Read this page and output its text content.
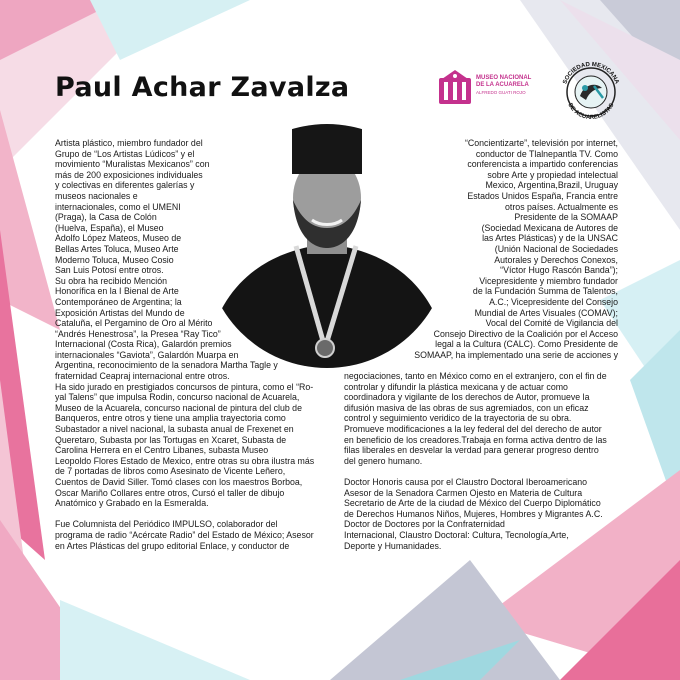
Paul Achar Zavalza	MUSEO NACIONAL
DE LA ACUARELA
ALFREDO GUATI ROJO
SOCIEDAD MEXICANA
DE ACUARELISTAS

Artista plástico, miembro fundador del

Grupo de “Los Artistas Lúdicos” y el

movimiento “Muralistas Mexicanos” con

más de 200 exposiciones individuales

y colectivas en diferentes galerías y

museos nacionales e

internacionales, como el UMENI

(Praga), la Casa de Colón

(Huelva, España), el Museo

Adolfo López Mateos, Museo de

Bellas Artes Toluca, Museo Arte

Moderno Toluca, Museo Cosio

San Luis Potosí entre otros.

Su obra ha recibido Mención

Honorífica en la I Bienal de Arte

Contemporáneo de Argentina; la

Exposición Artistas del Mundo de

Cataluña, el Pergamino de Oro al Mérito

“Andrés Henestrosa”, la Presea “Ray Tico”

Internacional (Costa Rica), Galardón premios

internacionales “Gaviota”, Galardón Muarpa en

Argentina, reconocimiento de la senadora Martha Tagle y

fraternidad Ceapraj internacional entre otros.

Ha sido jurado en prestigiados concursos de pintura, como el “Ro-

yal Talens” que impulsa Rodin, concurso nacional de Acuarela,

Museo de la Acuarela, concurso nacional de pintura del club de

Banqueros, entre otros y tiene una amplia trayectoria como

Subastador a nivel nacional, la subasta anual de Frexenet en

Queretaro, Subasta por las Tortugas en Xcaret, Subasta de

Carolina Herrera en el Centro Libanes, subasta Museo

Leopoldo Flores Estado de Mexico, entre otras su obra ilustra más

de 7 portadas de libros como Asesinato de Vicente Leñero,

Cuentos de David Siller. Tomó clases con los maestros Borboa,

Oscar Mariño Collares entre otros, Cursó el taller de dibujo

Anatómico y Grabado en la Esmeralda.

Fue Columnista del Periódico IMPULSO, colaborador del

programa de radio “Acércate Radio” del Estado de México; Asesor

en Artes Plásticas del grupo editorial Enlace, y conductor de

“Concientizarte”, televisión por internet,

conductor de Tlalnepantla TV. Como

conferencista a impartido conferencias

sobre Arte y propiedad intelectual

Mexico, Argentina,Brazil, Uruguay

Estados Unidos España, Francia entre

otros países. Actualmente es

Presidente de la SOMAAP

(Sociedad Mexicana de Autores de

las Artes Plásticas) y de la UNSAC

(Unión Nacional de Sociedades

Autorales y Derechos Conexos,

“Víctor Hugo Rascón Banda”);

Vicepresidente y miembro fundador

de la Fundación Summa de Talentos,

A.C.; Vicepresidente del Consejo

Mundial de Artes Visuales (COMAV);

Vocal del Comité de Vigilancia del

Consejo Directivo de la Coalición por el Acceso

legal a la Cultura (CALC). Como Presidente de

SOMAAP, ha implementado una serie de acciones y

negociaciones, tanto en México como en el extranjero, con el fin de

controlar y difundir la plástica mexicana y de actuar como

coordinadora y vigilante de los derechos de Autor, promueve la

difusión masiva de las obras de sus agremiados, con un eficaz

control y seguimiento veridico de la trayectoria de su obra.

Promueve modificaciones a la ley federal del del derecho de autor

en beneficio de los creadores.Trabaja en forma activa dentro de las

filas liberales en desvelar la verdad para generar progreso dentro

del genero humano.

Doctor Honoris causa por el Claustro Doctoral Iberoamericano

Asesor de la Senadora Carmen Ojesto en Materia de Cultura

Secretario de Arte de la ciudad de México del Cuerpo Diplomático

de Derechos Humanos Niños, Mujeres, Hombres y Migrantes A.C.

Doctor de Doctores por la Confraternidad

Internacional, Claustro Doctoral: Cultura, Tecnología,Arte,

Deporte y Humanidades.
